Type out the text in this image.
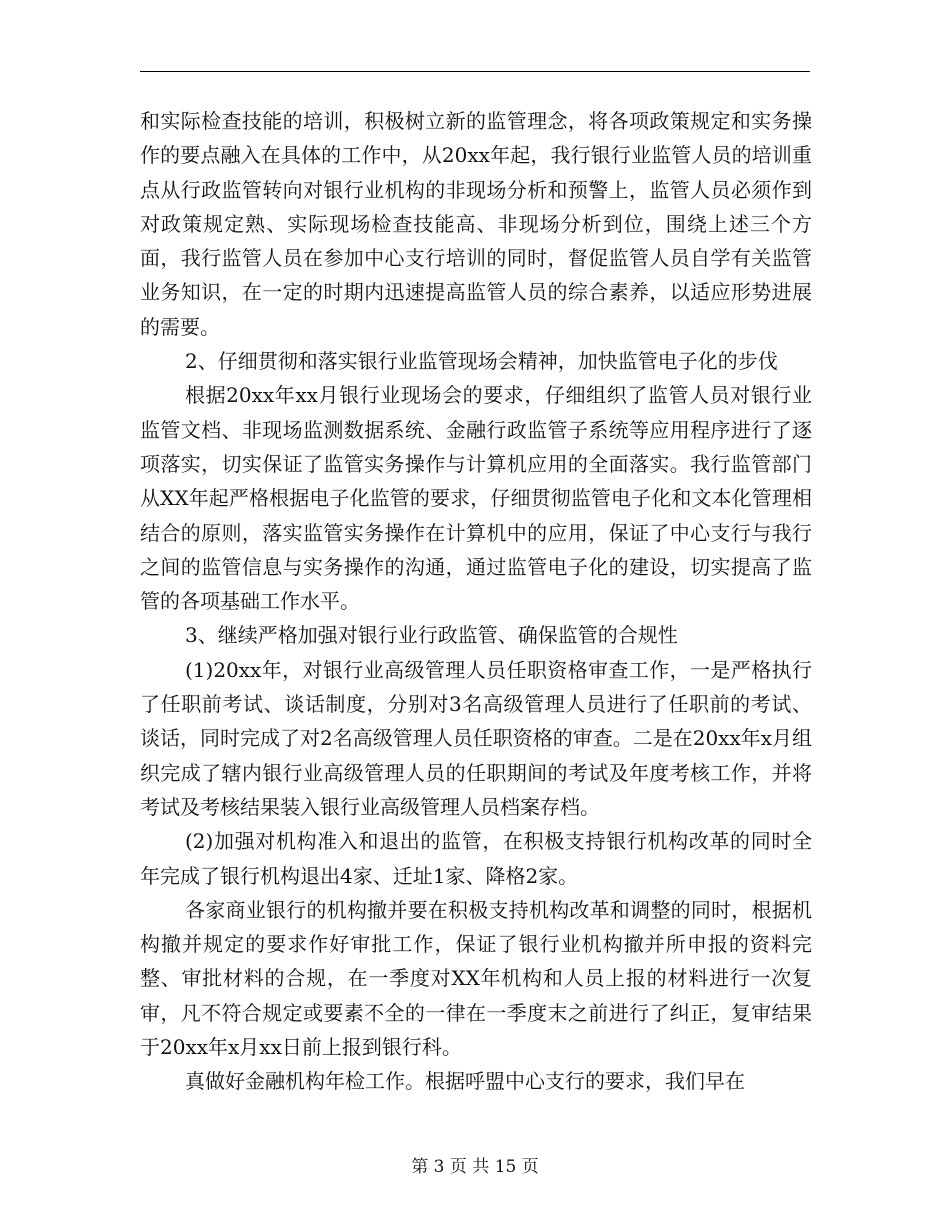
和实际检查技能的培训，积极树立新的监管理念，将各项政策规定和实务操作的要点融入在具体的工作中，从20xx年起，我行银行业监管人员的培训重点从行政监管转向对银行业机构的非现场分析和预警上，监管人员必须作到对政策规定熟、实际现场检查技能高、非现场分析到位，围绕上述三个方面，我行监管人员在参加中心支行培训的同时，督促监管人员自学有关监管业务知识，在一定的时期内迅速提高监管人员的综合素养，以适应形势进展的需要。

2、仔细贯彻和落实银行业监管现场会精神，加快监管电子化的步伐

根据20xx年xx月银行业现场会的要求，仔细组织了监管人员对银行业监管文档、非现场监测数据系统、金融行政监管子系统等应用程序进行了逐项落实，切实保证了监管实务操作与计算机应用的全面落实。我行监管部门从XX年起严格根据电子化监管的要求，仔细贯彻监管电子化和文本化管理相结合的原则，落实监管实务操作在计算机中的应用，保证了中心支行与我行之间的监管信息与实务操作的沟通，通过监管电子化的建设，切实提高了监管的各项基础工作水平。

3、继续严格加强对银行业行政监管、确保监管的合规性

(1)20xx年，对银行业高级管理人员任职资格审查工作，一是严格执行了任职前考试、谈话制度，分别对3名高级管理人员进行了任职前的考试、谈话，同时完成了对2名高级管理人员任职资格的审查。二是在20xx年x月组织完成了辖内银行业高级管理人员的任职期间的考试及年度考核工作，并将考试及考核结果装入银行业高级管理人员档案存档。

(2)加强对机构准入和退出的监管，在积极支持银行机构改革的同时全年完成了银行机构退出4家、迁址1家、降格2家。

各家商业银行的机构撤并要在积极支持机构改革和调整的同时，根据机构撤并规定的要求作好审批工作，保证了银行业机构撤并所申报的资料完整、审批材料的合规，在一季度对XX年机构和人员上报的材料进行一次复审，凡不符合规定或要素不全的一律在一季度末之前进行了纠正，复审结果于20xx年x月xx日前上报到银行科。

真做好金融机构年检工作。根据呼盟中心支行的要求，我们早在

第 3 页 共 15 页
